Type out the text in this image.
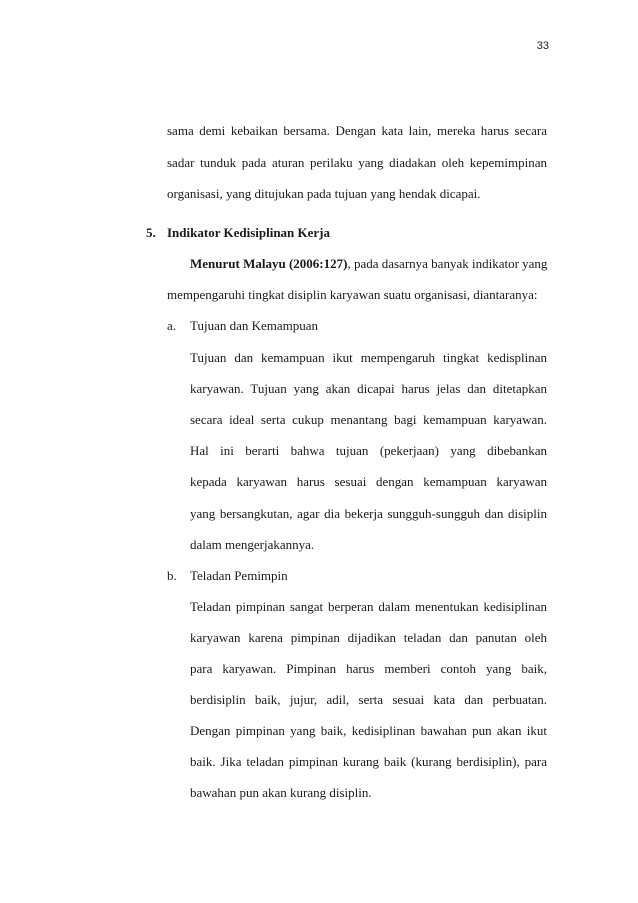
33
sama demi kebaikan bersama. Dengan kata lain, mereka harus secara
sadar tunduk pada aturan perilaku yang diadakan oleh kepemimpinan
organisasi, yang ditujukan pada tujuan yang hendak dicapai.
5. Indikator Kedisiplinan Kerja
Menurut Malayu (2006:127), pada dasarnya banyak indikator yang
mempengaruhi tingkat disiplin karyawan suatu organisasi, diantaranya:
a. Tujuan dan Kemampuan
Tujuan dan kemampuan ikut mempengaruh tingkat kedisplinan
karyawan. Tujuan yang akan dicapai harus jelas dan ditetapkan
secara ideal serta cukup menantang bagi kemampuan karyawan.
Hal ini berarti bahwa tujuan (pekerjaan) yang dibebankan
kepada karyawan harus sesuai dengan kemampuan karyawan
yang bersangkutan, agar dia bekerja sungguh-sungguh dan disiplin
dalam mengerjakannya.
b. Teladan Pemimpin
Teladan pimpinan sangat berperan dalam menentukan kedisiplinan
karyawan karena pimpinan dijadikan teladan dan panutan oleh
para karyawan. Pimpinan harus memberi contoh yang baik,
berdisiplin baik, jujur, adil, serta sesuai kata dan perbuatan.
Dengan pimpinan yang baik, kedisiplinan bawahan pun akan ikut
baik. Jika teladan pimpinan kurang baik (kurang berdisiplin), para
bawahan pun akan kurang disiplin.
